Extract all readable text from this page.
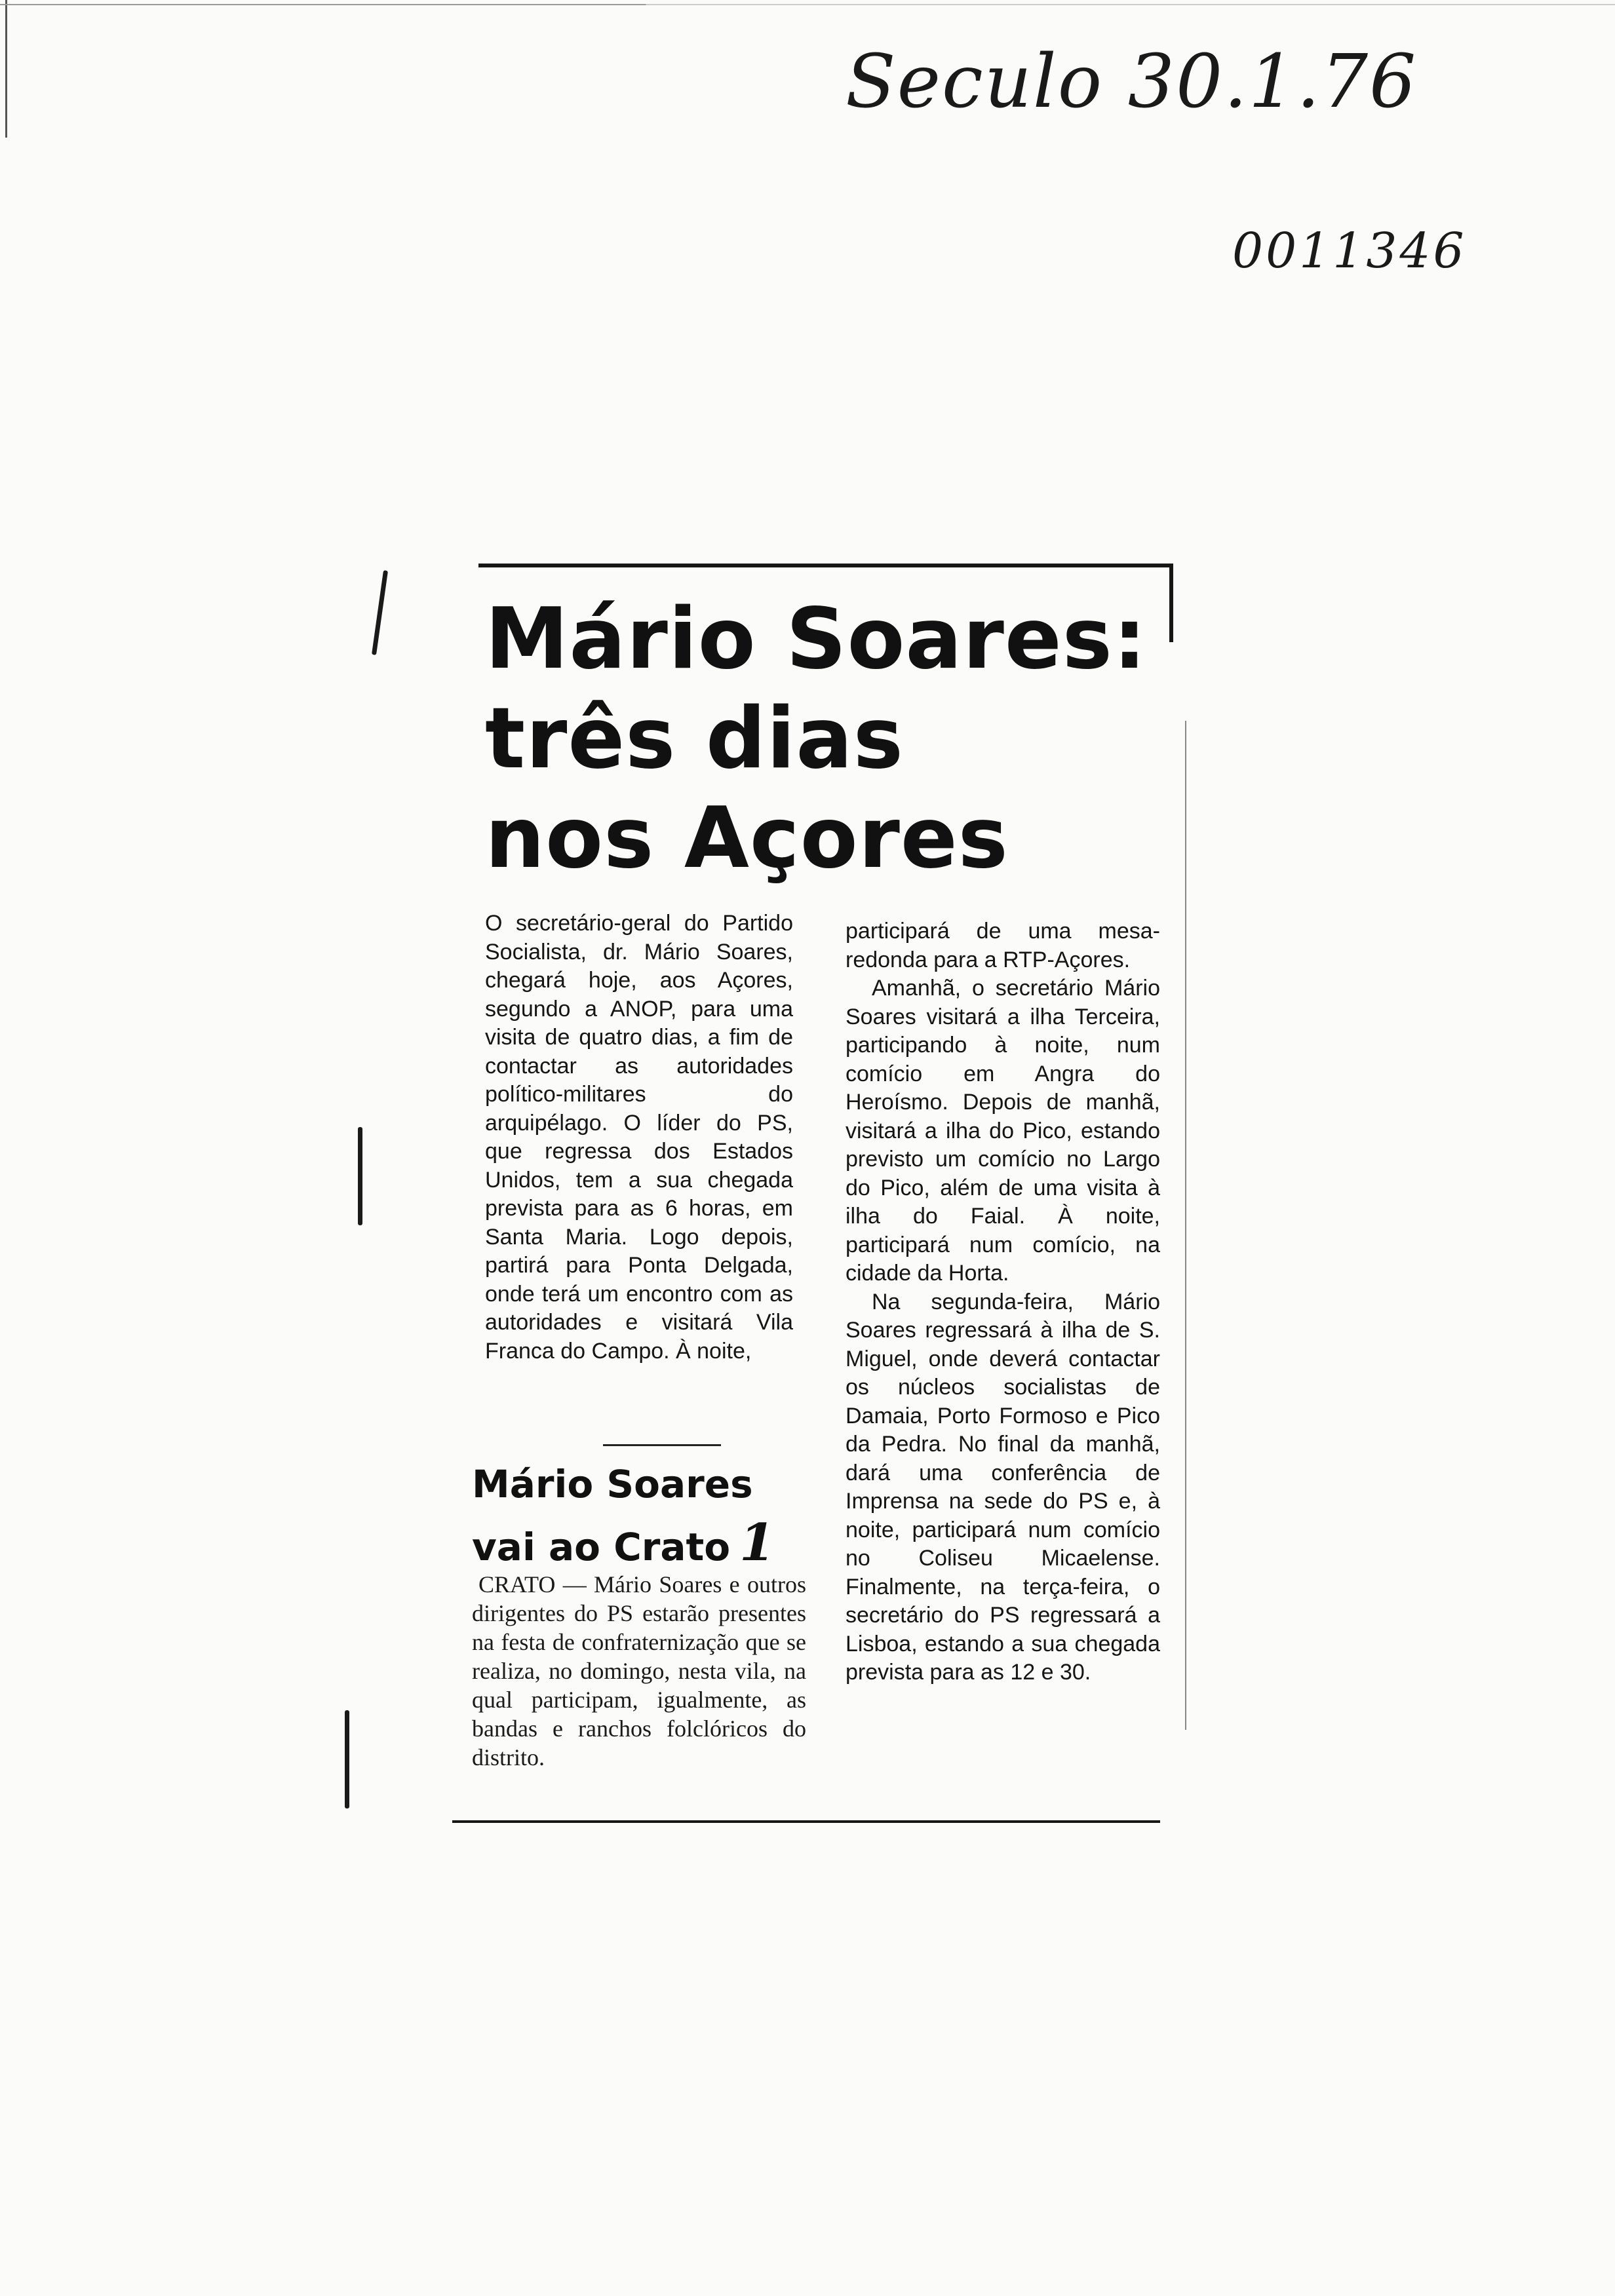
Seculo 30.1.76
0011346
Mário Soares:
três dias
nos Açores

O secretário-geral do Partido Socialista, dr. Mário Soares, chegará hoje, aos Açores, segundo a ANOP, para uma visita de quatro dias, a fim de contactar as autoridades político-militares do arquipélago. O líder do PS, que regressa dos Estados Unidos, tem a sua chegada prevista para as 6 horas, em Santa Maria. Logo depois, partirá para Ponta Delgada, onde terá um encontro com as autoridades e visitará Vila Franca do Campo. À noite,

participará de uma mesa-redonda para a RTP-Açores.

Amanhã, o secretário Mário Soares visitará a ilha Terceira, participando à noite, num comício em Angra do Heroísmo. Depois de manhã, visitará a ilha do Pico, estando previsto um comício no Largo do Pico, além de uma visita à ilha do Faial. À noite, participará num comício, na cidade da Horta.

Na segunda-feira, Mário Soares regressará à ilha de S. Miguel, onde deverá contactar os núcleos socialistas de Damaia, Porto Formoso e Pico da Pedra. No final da manhã, dará uma conferência de Imprensa na sede do PS e, à noite, participará num comício no Coliseu Micaelense. Finalmente, na terça-feira, o secretário do PS regressará a Lisboa, estando a sua chegada prevista para as 12 e 30.

Mário Soares
vai ao Crato 1

CRATO — Mário Soares e outros dirigentes do PS estarão presentes na festa de confraternização que se realiza, no domingo, nesta vila, na qual participam, igualmente, as bandas e ranchos folclóricos do distrito.
